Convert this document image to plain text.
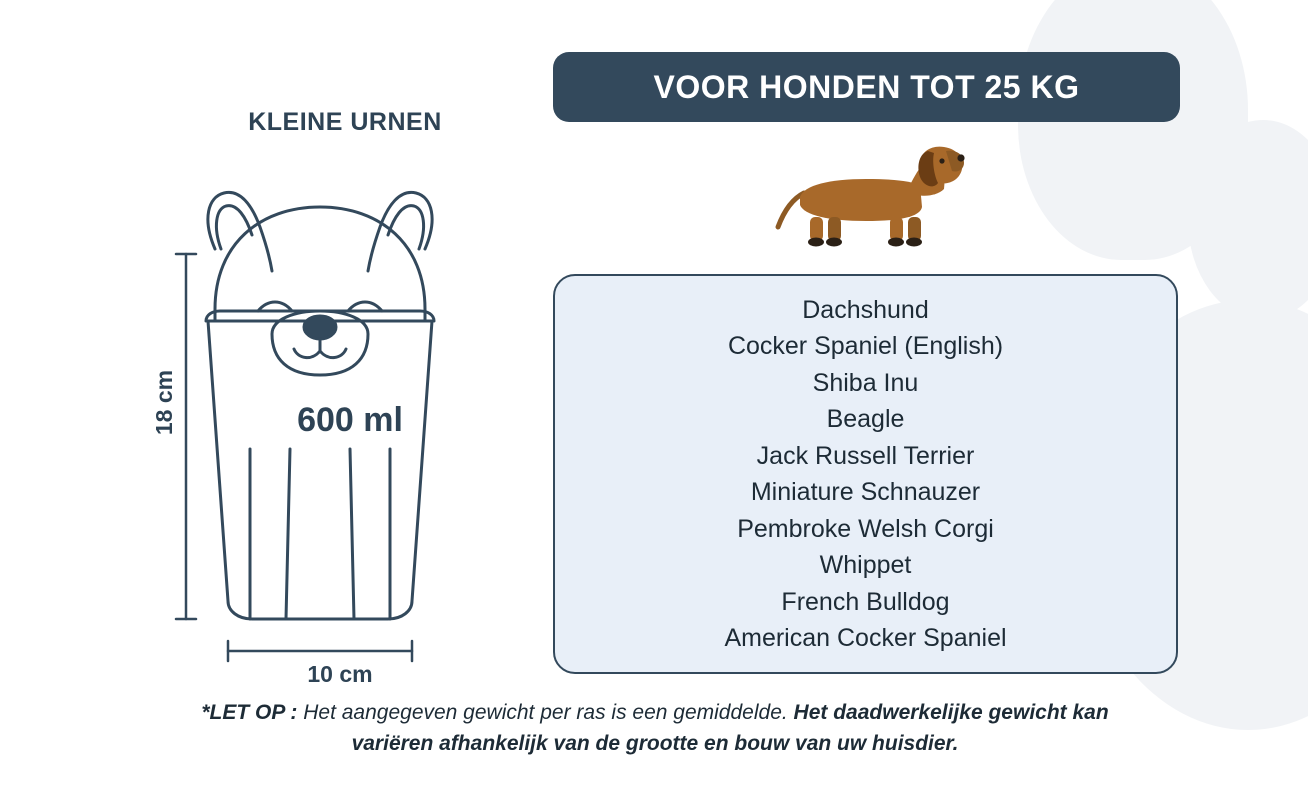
KLEINE URNEN
600 ml
18 cm
10 cm
VOOR HONDEN TOT 25 KG
Dachshund
Cocker Spaniel (English)
Shiba Inu
Beagle
Jack Russell Terrier
Miniature Schnauzer
Pembroke Welsh Corgi
Whippet
French Bulldog
American Cocker Spaniel
*LET OP : Het aangegeven gewicht per ras is een gemiddelde. Het daadwerkelijke gewicht kan variëren afhankelijk van de grootte en bouw van uw huisdier.
